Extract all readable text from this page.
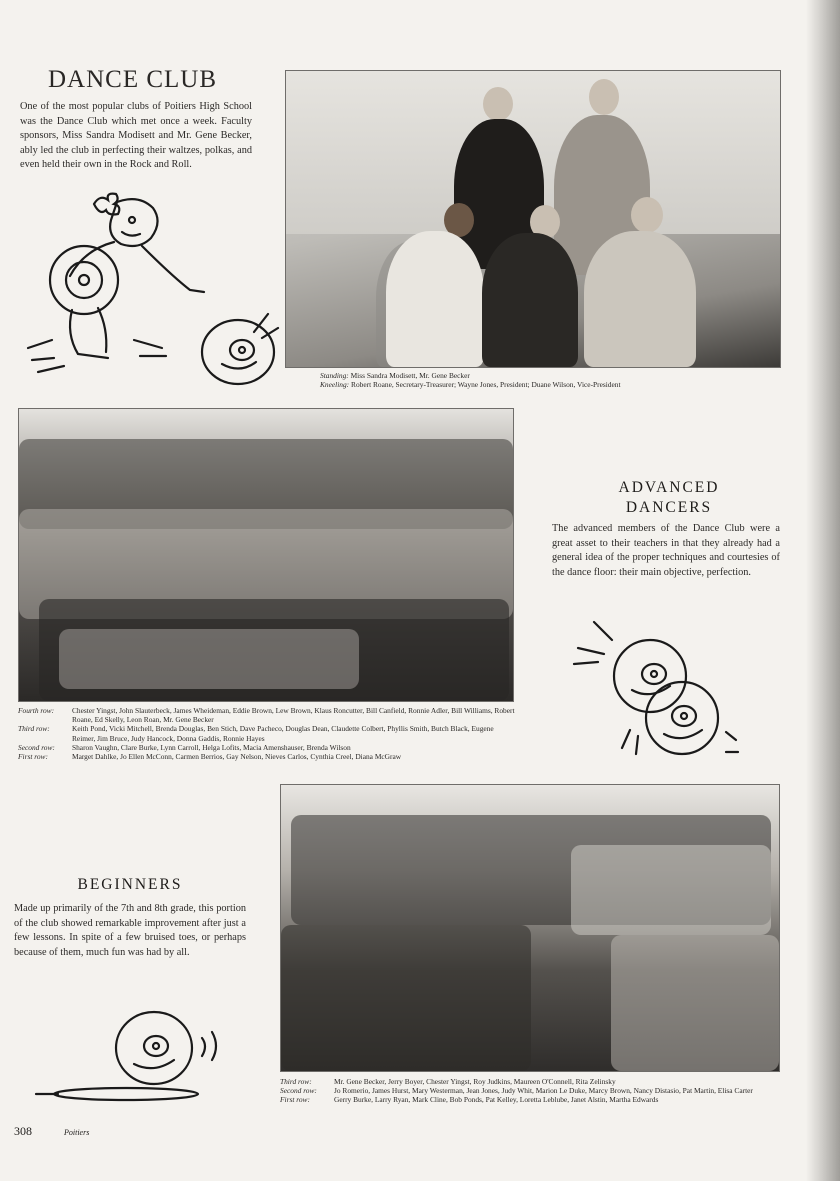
DANCE CLUB

One of the most popular clubs of Poitiers High School was the Dance Club which met once a week. Faculty sponsors, Miss Sandra Modisett and Mr. Gene Becker, ably led the club in perfecting their waltzes, polkas, and even held their own in the Rock and Roll.

Standing: Miss Sandra Modisett, Mr. Gene Becker
Kneeling: Robert Roane, Secretary-Treasurer; Wayne Jones, President; Duane Wilson, Vice-President
ADVANCED
DANCERS

The advanced members of the Dance Club were a great asset to their teachers in that they already had a general idea of the proper techniques and courtesies of the dance floor: their main objective, perfection.

Fourth row:	Chester Yingst, John Slauterbeck, James Wheideman, Eddie Brown, Lew Brown, Klaus Roncutter, Bill Canfield, Ronnie Adler, Bill Williams, Robert Roane, Ed Skelly, Leon Roan, Mr. Gene Becker
Third row:	Keith Pond, Vicki Mitchell, Brenda Douglas, Ben Stich, Dave Pacheco, Douglas Dean, Claudette Colbert, Phyllis Smith, Butch Black, Eugene Reimer, Jim Bruce, Judy Hancock, Donna Gaddis, Ronnie Hayes
Second row:	Sharon Vaughn, Clare Burke, Lynn Carroll, Helga Lofits, Macia Amenshauser, Brenda Wilson
First row:	Marget Dahlke, Jo Ellen McConn, Carmen Berrios, Gay Nelson, Nieves Carlos, Cynthia Creel, Diana McGraw
BEGINNERS

Made up primarily of the 7th and 8th grade, this portion of the club showed remarkable improvement after just a few lessons. In spite of a few bruised toes, or perhaps because of them, much fun was had by all.

Third row:	Mr. Gene Becker, Jerry Boyer, Chester Yingst, Roy Judkins, Maureen O'Connell, Rita Zelinsky
Second row:	Jo Romerio, James Hurst, Mary Westerman, Jean Jones, Judy Whit, Marion Le Duke, Marcy Brown, Nancy Distasio, Pat Martin, Elisa Carter
First row:	Gerry Burke, Larry Ryan, Mark Cline, Bob Ponds, Pat Kelley, Loretta Leblube, Janet Alstin, Martha Edwards
308	Poitiers
